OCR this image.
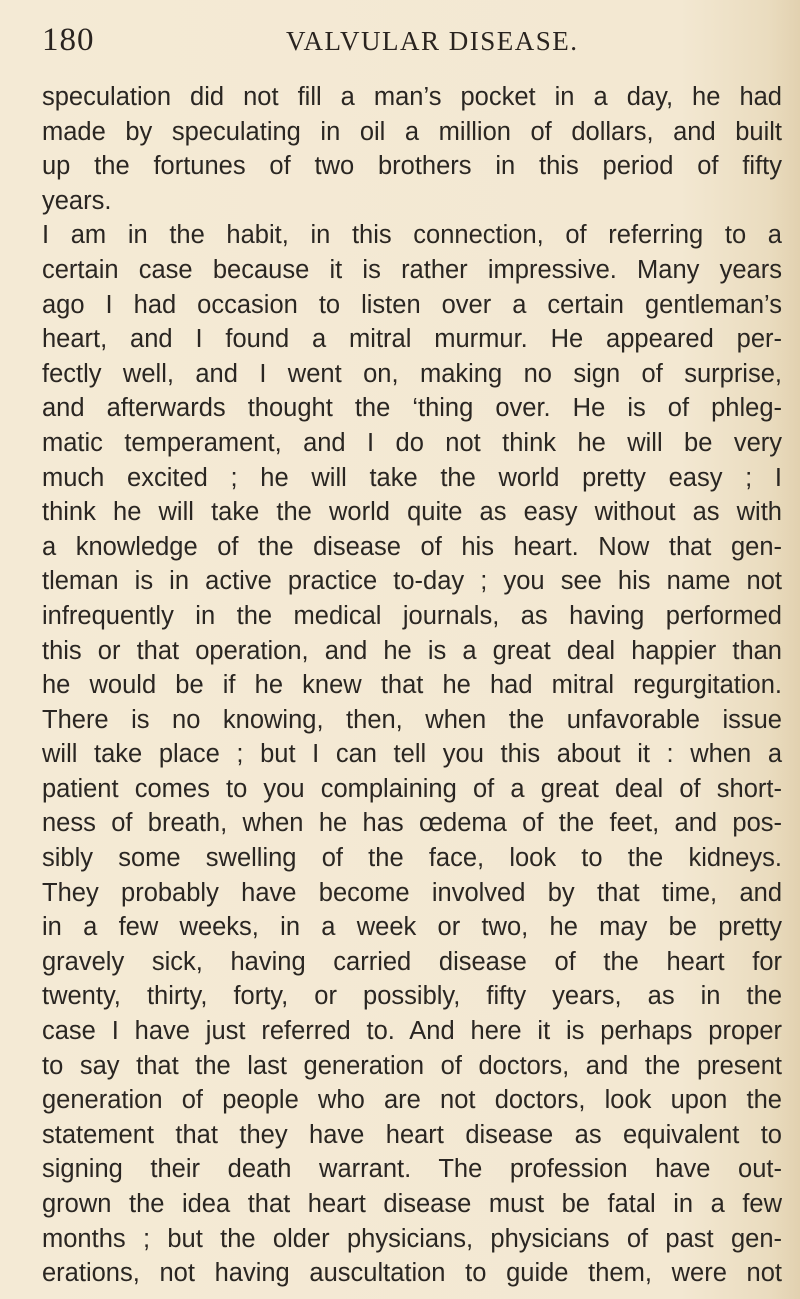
180	VALVULAR DISEASE.
speculation did not fill a man’s pocket in a day, he had
made by speculating in oil a million of dollars, and built
up the fortunes of two brothers in this period of fifty
years.
I am in the habit, in this connection, of referring to a
certain case because it is rather impressive. Many years
ago I had occasion to listen over a certain gentleman’s
heart, and I found a mitral murmur. He appeared per-
fectly well, and I went on, making no sign of surprise,
and afterwards thought the ‘thing over. He is of phleg-
matic temperament, and I do not think he will be very
much excited ; he will take the world pretty easy ; I
think he will take the world quite as easy without as with
a knowledge of the disease of his heart. Now that gen-
tleman is in active practice to-day ; you see his name not
infrequently in the medical journals, as having performed
this or that operation, and he is a great deal happier than
he would be if he knew that he had mitral regurgitation.
There is no knowing, then, when the unfavorable issue
will take place ; but I can tell you this about it : when a
patient comes to you complaining of a great deal of short-
ness of breath, when he has œdema of the feet, and pos-
sibly some swelling of the face, look to the kidneys.
They probably have become involved by that time, and
in a few weeks, in a week or two, he may be pretty
gravely sick, having carried disease of the heart for
twenty, thirty, forty, or possibly, fifty years, as in the
case I have just referred to. And here it is perhaps proper
to say that the last generation of doctors, and the present
generation of people who are not doctors, look upon the
statement that they have heart disease as equivalent to
signing their death warrant. The profession have out-
grown the idea that heart disease must be fatal in a few
months ; but the older physicians, physicians of past gen-
erations, not having auscultation to guide them, were not
